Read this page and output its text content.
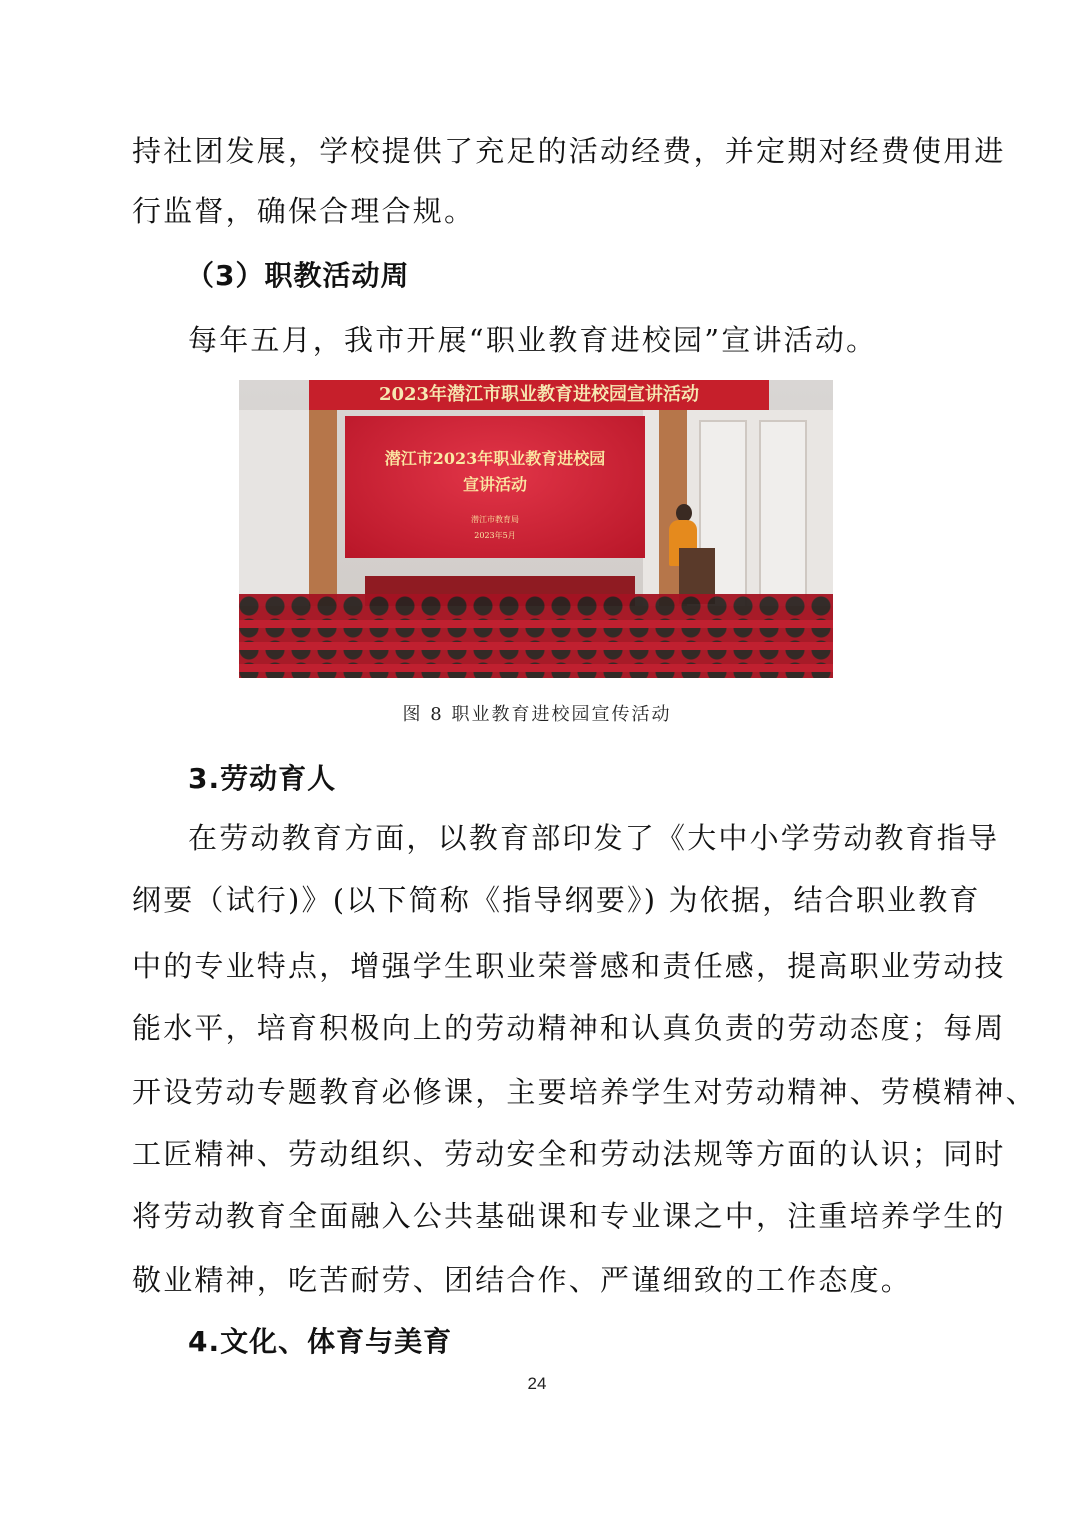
持社团发展，学校提供了充足的活动经费，并定期对经费使用进
行监督，确保合理合规。
（3）职教活动周
每年五月，我市开展“职业教育进校园”宣讲活动。
2023年潜江市职业教育进校园宣讲活动
潜江市2023年职业教育进校园
宣讲活动
潜江市教育局
2023年5月
图 8 职业教育进校园宣传活动
3.劳动育人
在劳动教育方面，以教育部印发了《大中小学劳动教育指导
纲要（试行)》(以下简称《指导纲要》) 为依据，结合职业教育
中的专业特点，增强学生职业荣誉感和责任感，提高职业劳动技
能水平，培育积极向上的劳动精神和认真负责的劳动态度；每周
开设劳动专题教育必修课，主要培养学生对劳动精神、劳模精神、
工匠精神、劳动组织、劳动安全和劳动法规等方面的认识；同时
将劳动教育全面融入公共基础课和专业课之中，注重培养学生的
敬业精神，吃苦耐劳、团结合作、严谨细致的工作态度。
4.文化、体育与美育
24
